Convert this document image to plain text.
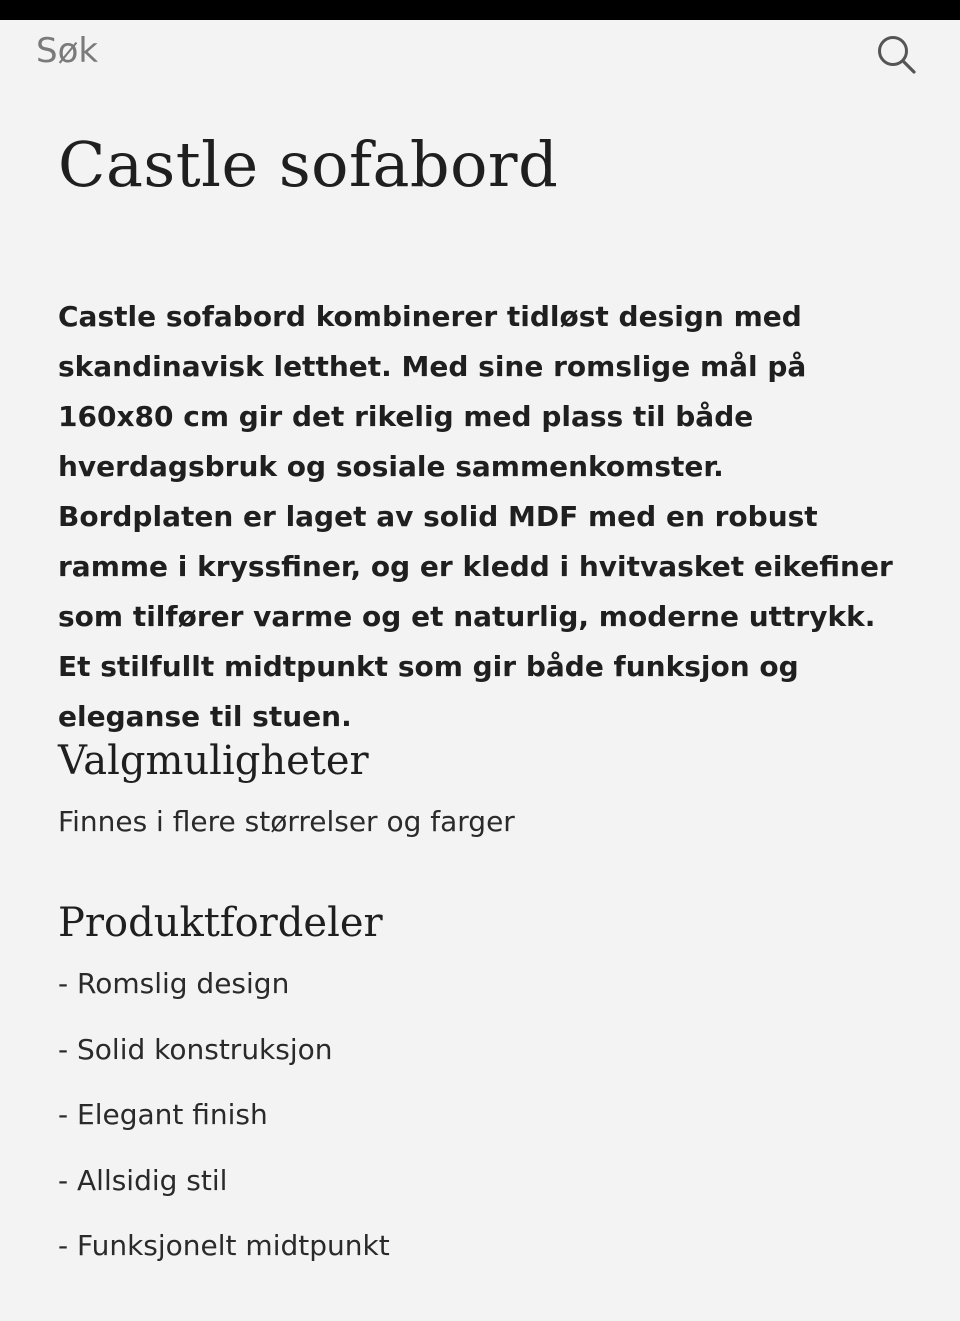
Søk
Castle sofabord

Castle sofabord kombinerer tidløst design med skandinavisk letthet. Med sine romslige mål på 160x80 cm gir det rikelig med plass til både hverdagsbruk og sosiale sammenkomster. Bordplaten er laget av solid MDF med en robust ramme i kryssfiner, og er kledd i hvitvasket eikefiner som tilfører varme og et naturlig, moderne uttrykk. Et stilfullt midtpunkt som gir både funksjon og eleganse til stuen.

Valgmuligheter

Finnes i flere størrelser og farger

Produktfordeler
- Romslig design
- Solid konstruksjon
- Elegant finish
- Allsidig stil
- Funksjonelt midtpunkt
